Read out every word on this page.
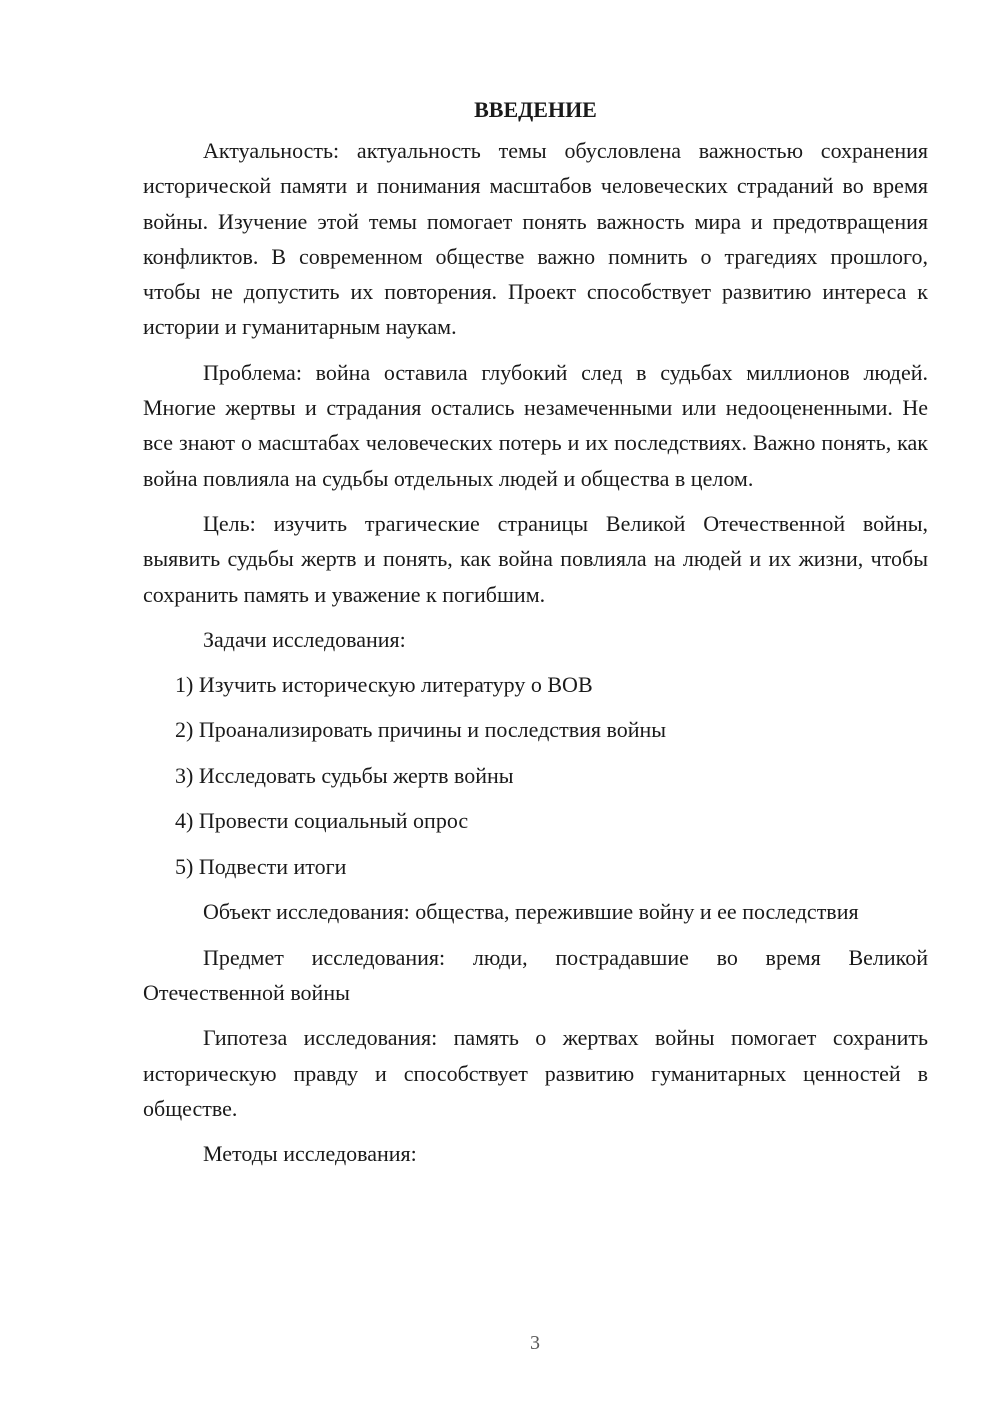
ВВЕДЕНИЕ

Актуальность: актуальность темы обусловлена важностью сохранения исторической памяти и понимания масштабов человеческих страданий во время войны. Изучение этой темы помогает понять важность мира и предотвращения конфликтов. В современном обществе важно помнить о трагедиях прошлого, чтобы не допустить их повторения. Проект способствует развитию интереса к истории и гуманитарным наукам.

Проблема: война оставила глубокий след в судьбах миллионов людей. Многие жертвы и страдания остались незамеченными или недооцененными. Не все знают о масштабах человеческих потерь и их последствиях. Важно понять, как война повлияла на судьбы отдельных людей и общества в целом.

Цель: изучить трагические страницы Великой Отечественной войны, выявить судьбы жертв и понять, как война повлияла на людей и их жизни, чтобы сохранить память и уважение к погибшим.

Задачи исследования:

1) Изучить историческую литературу о ВОВ
2) Проанализировать причины и последствия войны
3) Исследовать судьбы жертв войны
4) Провести социальный опрос
5) Подвести итоги

Объект исследования: общества, пережившие войну и ее последствия

Предмет исследования: люди, пострадавшие во время Великой Отечественной войны

Гипотеза исследования: память о жертвах войны помогает сохранить историческую правду и способствует развитию гуманитарных ценностей в обществе.

Методы исследования:

3
